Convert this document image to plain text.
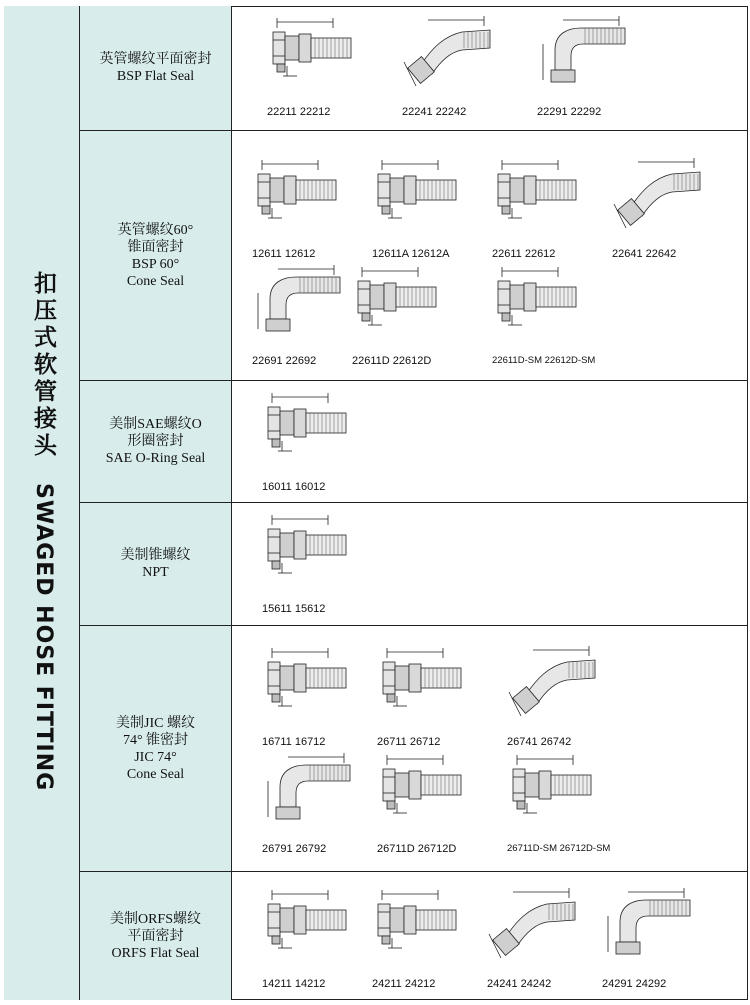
扣压式软管接头 SWAGED HOSE FITTING
英管螺纹平面密封
BSP Flat Seal
22211 22212	22241 22242	22291 22292
英管螺纹60°
锥面密封
BSP 60°
Cone Seal
12611 12612	12611A 12612A	22611 22612	22641 22642
22691 22692	22611D 22612D	22611D-SM 22612D-SM
美制SAE螺纹O
形圈密封
SAE O-Ring Seal
16011 16012
美制锥螺纹
NPT
15611 15612
美制JIC 螺纹
74° 锥密封
JIC 74°
Cone Seal
16711 16712	26711 26712	26741 26742
26791 26792	26711D 26712D	26711D-SM 26712D-SM
美制ORFS螺纹
平面密封
ORFS Flat Seal
14211 14212	24211 24212	24241 24242	24291 24292
